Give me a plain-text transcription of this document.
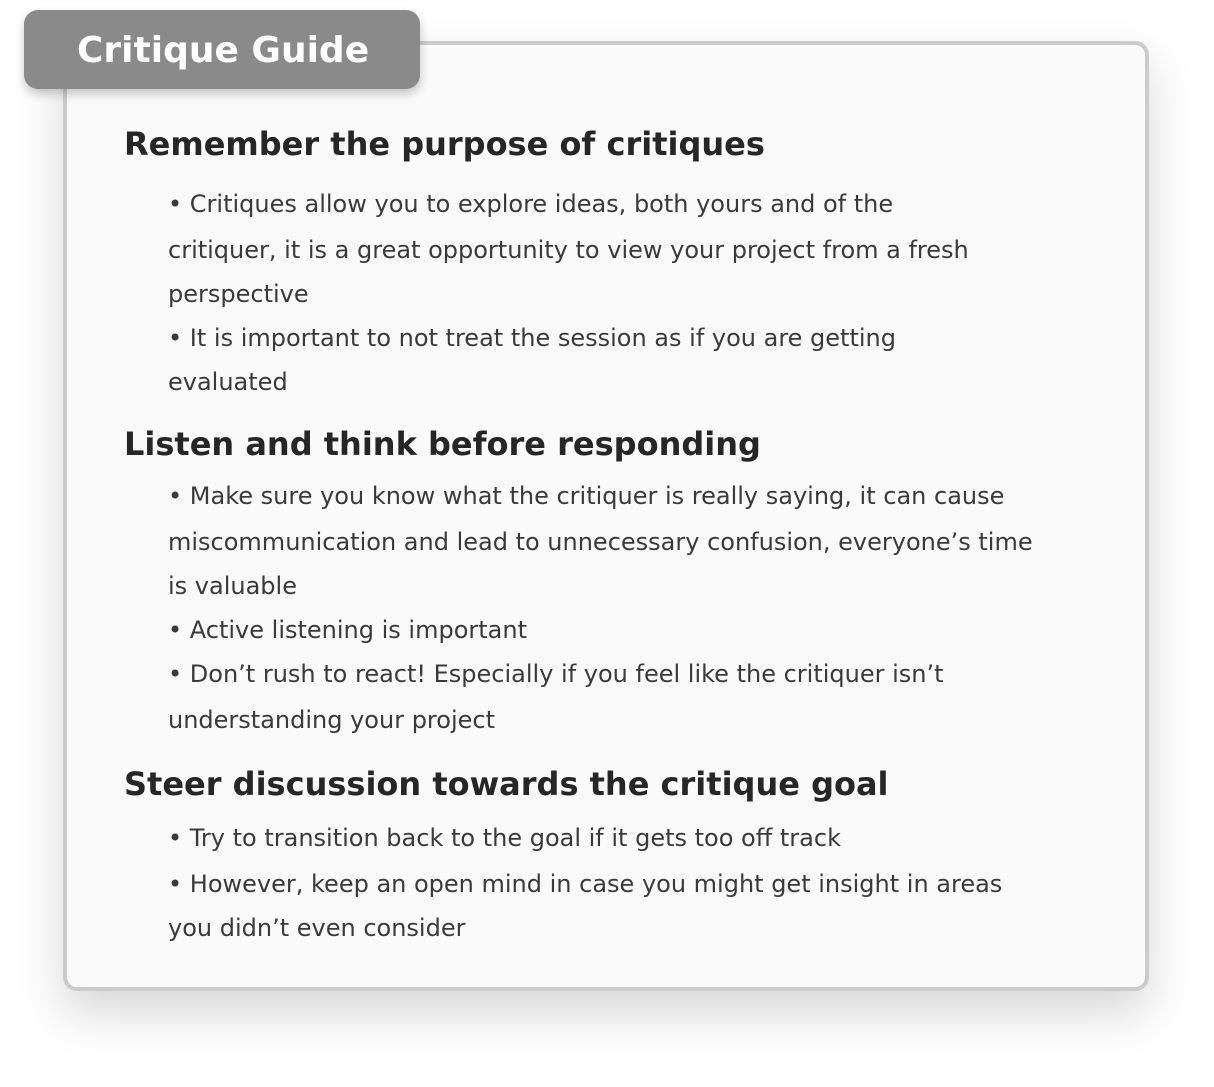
Critique Guide
Remember the purpose of critiques

• Critiques allow you to explore ideas, both yours and of the

critiquer, it is a great opportunity to view your project from a fresh

perspective

• It is important to not treat the session as if you are getting

evaluated

Listen and think before responding

• Make sure you know what the critiquer is really saying, it can cause

miscommunication and lead to unnecessary confusion, everyone’s time

is valuable

• Active listening is important

• Don’t rush to react! Especially if you feel like the critiquer isn’t

understanding your project

Steer discussion towards the critique goal

• Try to transition back to the goal if it gets too off track

• However, keep an open mind in case you might get insight in areas

you didn’t even consider
